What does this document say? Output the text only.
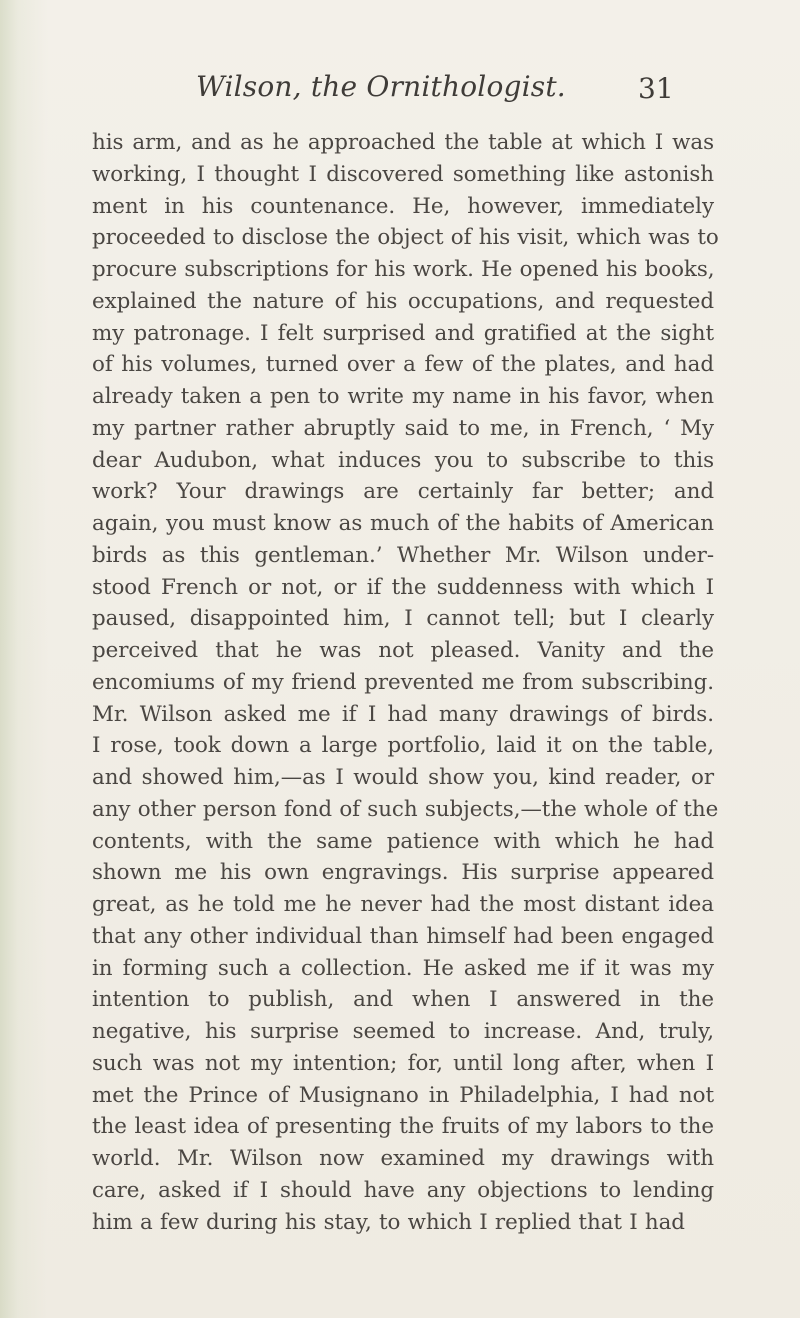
Wilson, the Ornithologist.	31
his arm, and as he approached the table at which I was
working, I thought I discovered something like astonish
ment in his countenance. He, however, immediately
proceeded to disclose the object of his visit, which was to
procure subscriptions for his work. He opened his books,
explained the nature of his occupations, and requested
my patronage. I felt surprised and gratified at the sight
of his volumes, turned over a few of the plates, and had
already taken a pen to write my name in his favor, when
my partner rather abruptly said to me, in French, ‘ My
dear Audubon, what induces you to subscribe to this
work? Your drawings are certainly far better; and
again, you must know as much of the habits of American
birds as this gentleman.’ Whether Mr. Wilson under-
stood French or not, or if the suddenness with which I
paused, disappointed him, I cannot tell; but I clearly
perceived that he was not pleased. Vanity and the
encomiums of my friend prevented me from subscribing.
Mr. Wilson asked me if I had many drawings of birds.
I rose, took down a large portfolio, laid it on the table,
and showed him,—as I would show you, kind reader, or
any other person fond of such subjects,—the whole of the
contents, with the same patience with which he had
shown me his own engravings. His surprise appeared
great, as he told me he never had the most distant idea
that any other individual than himself had been engaged
in forming such a collection. He asked me if it was my
intention to publish, and when I answered in the
negative, his surprise seemed to increase. And, truly,
such was not my intention; for, until long after, when I
met the Prince of Musignano in Philadelphia, I had not
the least idea of presenting the fruits of my labors to the
world. Mr. Wilson now examined my drawings with
care, asked if I should have any objections to lending
him a few during his stay, to which I replied that I had
